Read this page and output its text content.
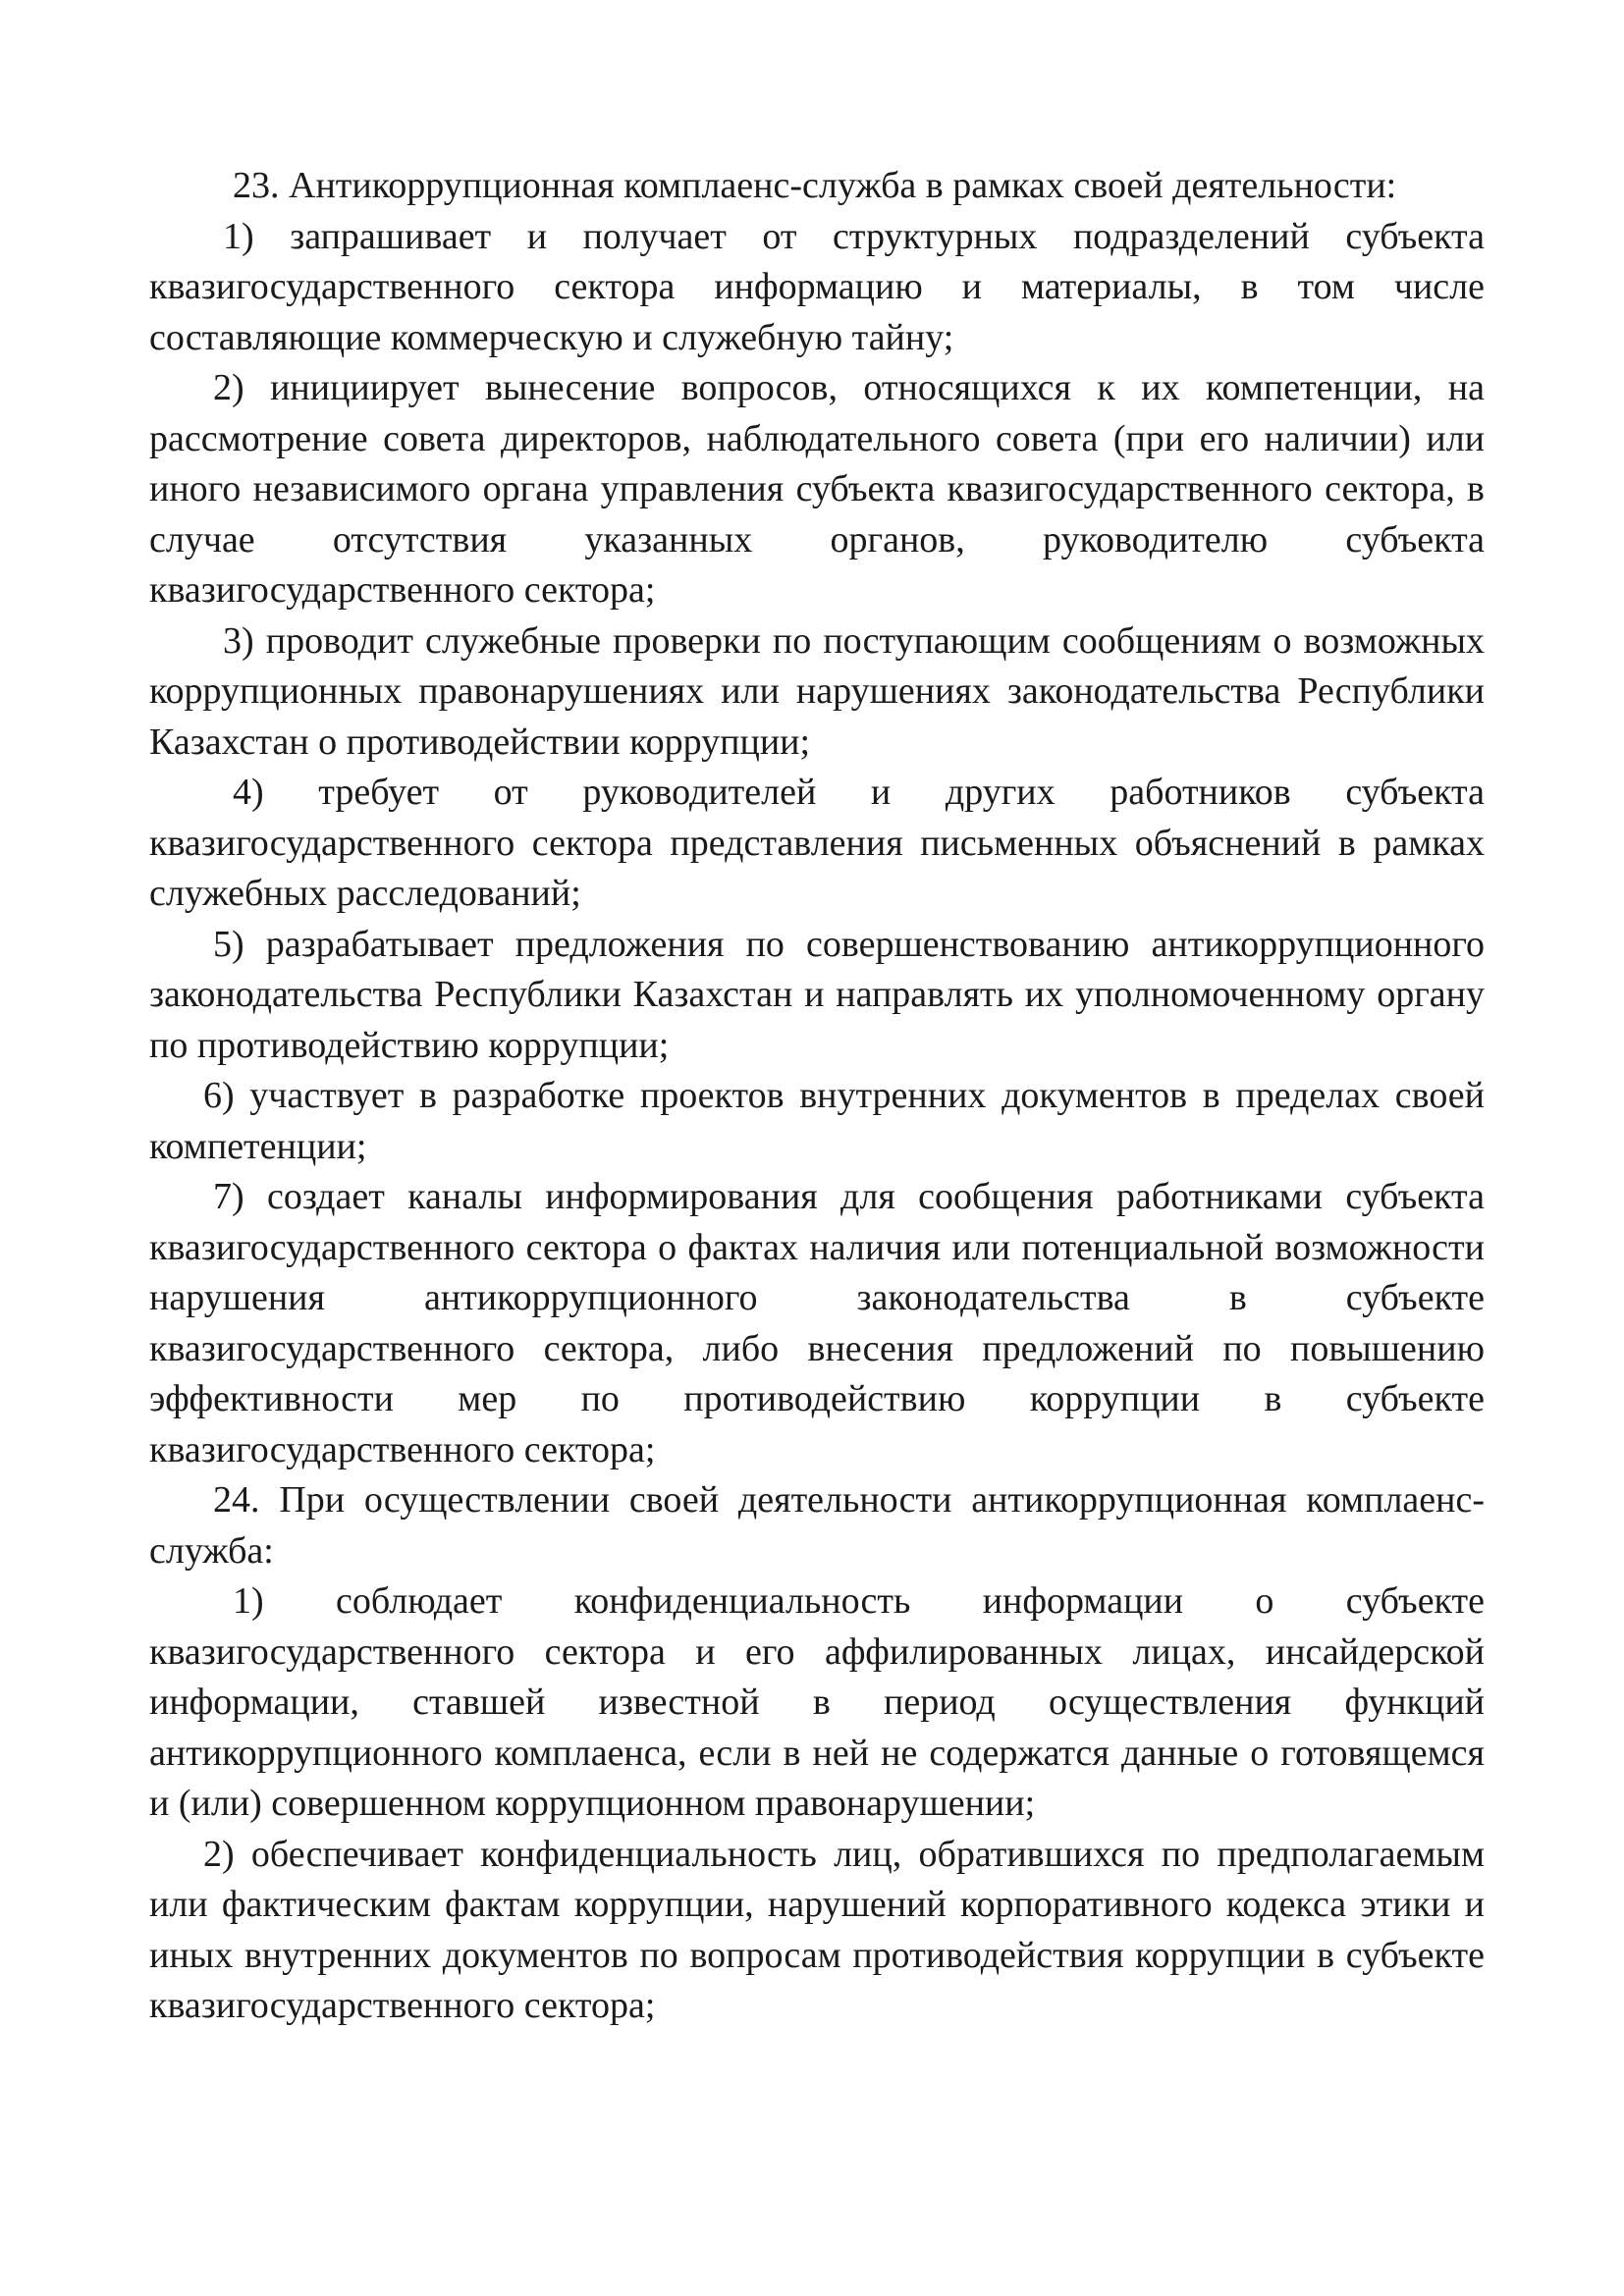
23. Антикоррупционная комплаенс-служба в рамках своей деятельности:

1) запрашивает и получает от структурных подразделений субъекта квазигосударственного сектора информацию и материалы, в том числе составляющие коммерческую и служебную тайну;

2) инициирует вынесение вопросов, относящихся к их компетенции, на рассмотрение совета директоров, наблюдательного совета (при его наличии) или иного независимого органа управления субъекта квазигосударственного сектора, в случае отсутствия указанных органов, руководителю субъекта квазигосударственного сектора;

3) проводит служебные проверки по поступающим сообщениям о возможных коррупционных правонарушениях или нарушениях законодательства Республики Казахстан о противодействии коррупции;

4) требует от руководителей и других работников субъекта квазигосударственного сектора представления письменных объяснений в рамках служебных расследований;

5) разрабатывает предложения по совершенствованию антикоррупционного законодательства Республики Казахстан и направлять их уполномоченному органу по противодействию коррупции;

6) участвует в разработке проектов внутренних документов в пределах своей компетенции;

7) создает каналы информирования для сообщения работниками субъекта квазигосударственного сектора о фактах наличия или потенциальной возможности нарушения антикоррупционного законодательства в субъекте квазигосударственного сектора, либо внесения предложений по повышению эффективности мер по противодействию коррупции в субъекте квазигосударственного сектора;

24. При осуществлении своей деятельности антикоррупционная комплаенс-служба:

1) соблюдает конфиденциальность информации о субъекте квазигосударственного сектора и его аффилированных лицах, инсайдерской информации, ставшей известной в период осуществления функций антикоррупционного комплаенса, если в ней не содержатся данные о готовящемся и (или) совершенном коррупционном правонарушении;

2) обеспечивает конфиденциальность лиц, обратившихся по предполагаемым или фактическим фактам коррупции, нарушений корпоративного кодекса этики и иных внутренних документов по вопросам противодействия коррупции в субъекте квазигосударственного сектора;
